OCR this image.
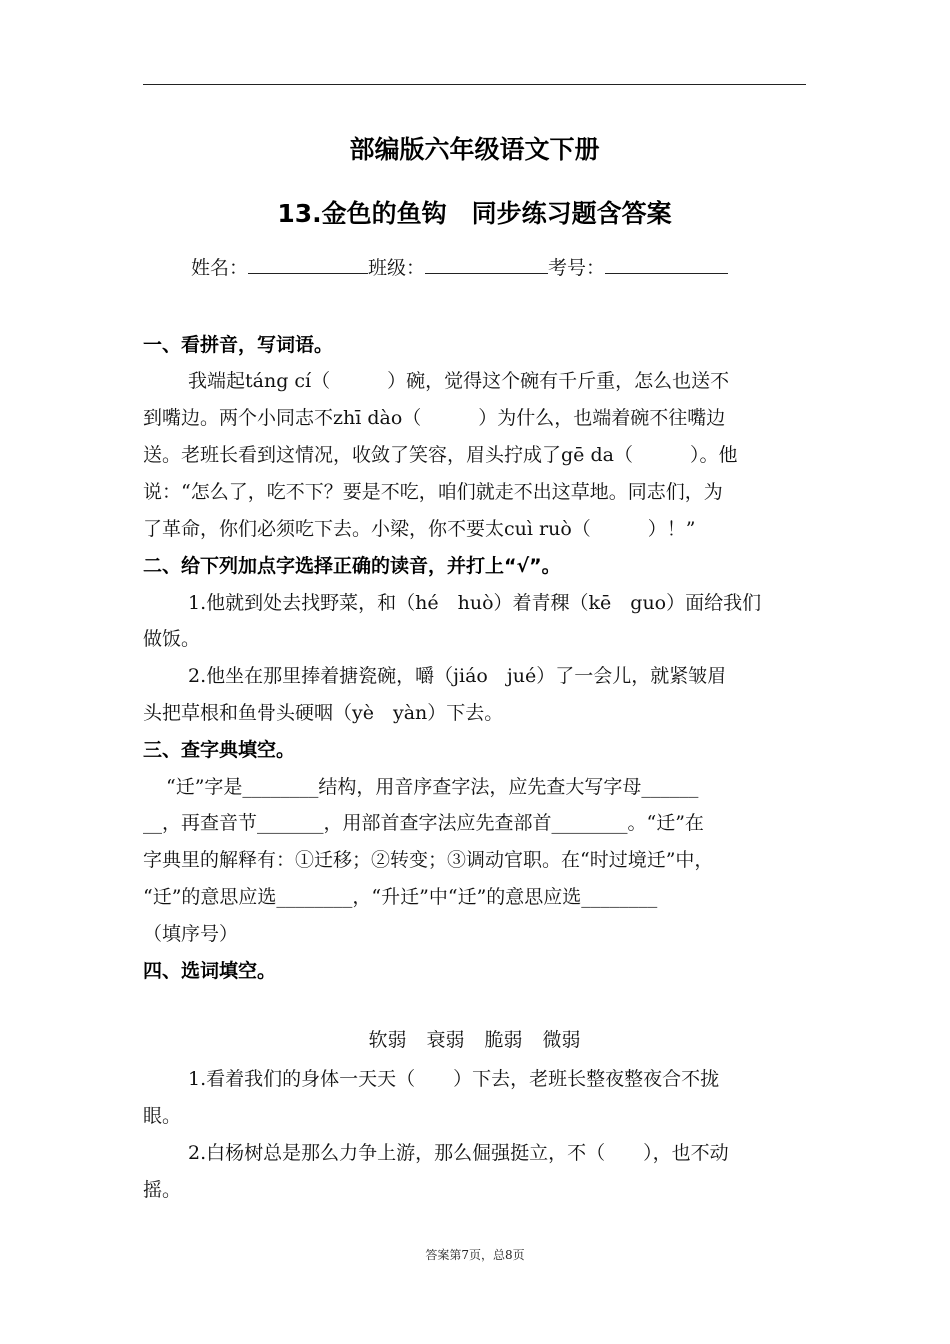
部编版六年级语文下册
13.金色的鱼钩　同步练习题含答案
姓名：	班级：	考号：
一、看拼音，写词语。
我端起táng cí（　　　）碗，觉得这个碗有千斤重，怎么也送不
到嘴边。两个小同志不zhī dào（　　　）为什么，也端着碗不往嘴边
送。老班长看到这情况，收敛了笑容，眉头拧成了gē da（　　　）。他
说：“怎么了，吃不下？要是不吃，咱们就走不出这草地。同志们，为
了革命，你们必须吃下去。小梁，你不要太cuì ruò（　　　）！”
二、给下列加点字选择正确的读音，并打上“√”。
1.他就到处去找野菜，和（hé　huò）着青稞（kē　guo）面给我们
做饭。
2.他坐在那里捧着搪瓷碗，嚼（jiáo　jué）了一会儿，就紧皱眉
头把草根和鱼骨头硬咽（yè　yàn）下去。
三、查字典填空。
“迁”字是________结构，用音序查字法，应先查大写字母______
__，再查音节_______，用部首查字法应先查部首________。“迁”在
字典里的解释有：①迁移；②转变；③调动官职。在“时过境迁”中，
“迁”的意思应选________，“升迁”中“迁”的意思应选________
（填序号）
四、选词填空。
软弱 衰弱 脆弱 微弱
1.看着我们的身体一天天（　　）下去，老班长整夜整夜合不拢
眼。
2.白杨树总是那么力争上游，那么倔强挺立，不（　　），也不动
摇。
答案第7页，总8页
